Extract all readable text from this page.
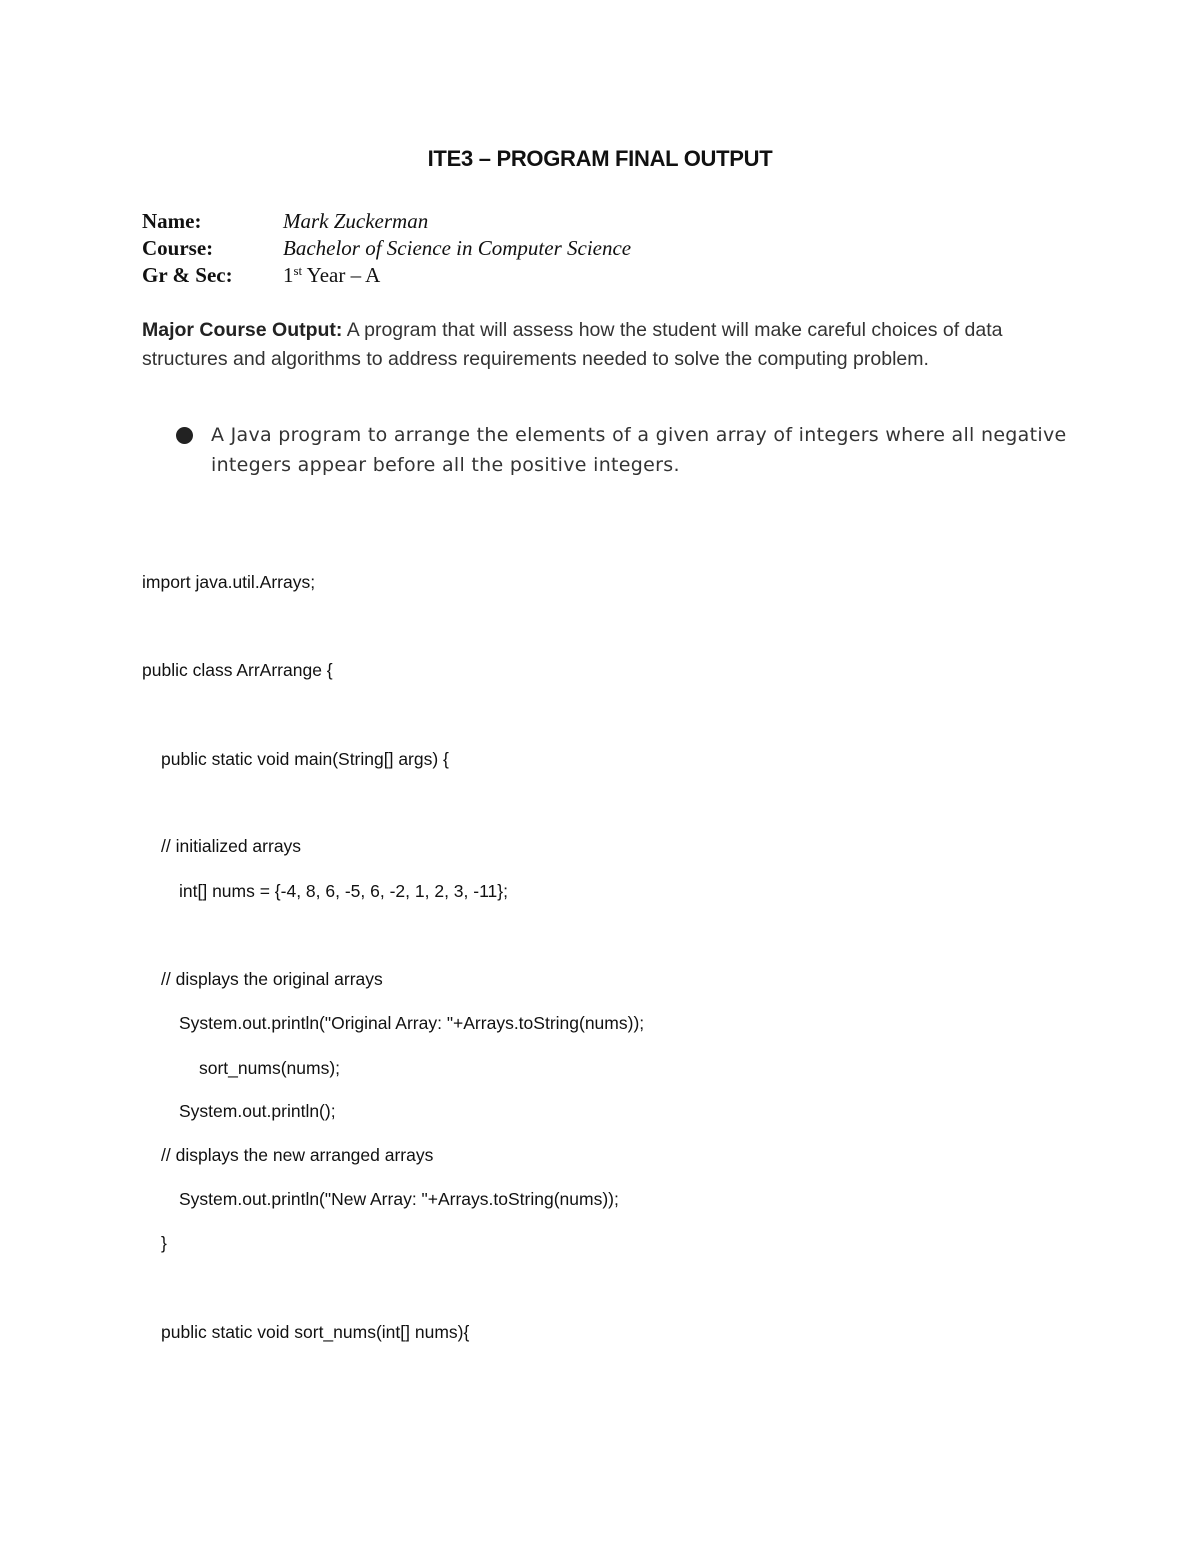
ITE3 – PROGRAM FINAL OUTPUT
Name:	Mark Zuckerman
Course:	Bachelor of Science in Computer Science
Gr & Sec:	1st Year – A
Major Course Output: A program that will assess how the student will make careful choices of data structures and algorithms to address requirements needed to solve the computing problem.
A Java program to arrange the elements of a given array of integers where all negative integers appear before all the positive integers.
import java.util.Arrays;
public class ArrArrange {
public static void main(String[] args) {
// initialized arrays
int[] nums = {-4, 8, 6, -5, 6, -2, 1, 2, 3, -11};
// displays the original arrays
System.out.println("Original Array: "+Arrays.toString(nums));
sort_nums(nums);
System.out.println();
// displays the new arranged arrays
System.out.println("New Array: "+Arrays.toString(nums));
}
public static void sort_nums(int[] nums){
